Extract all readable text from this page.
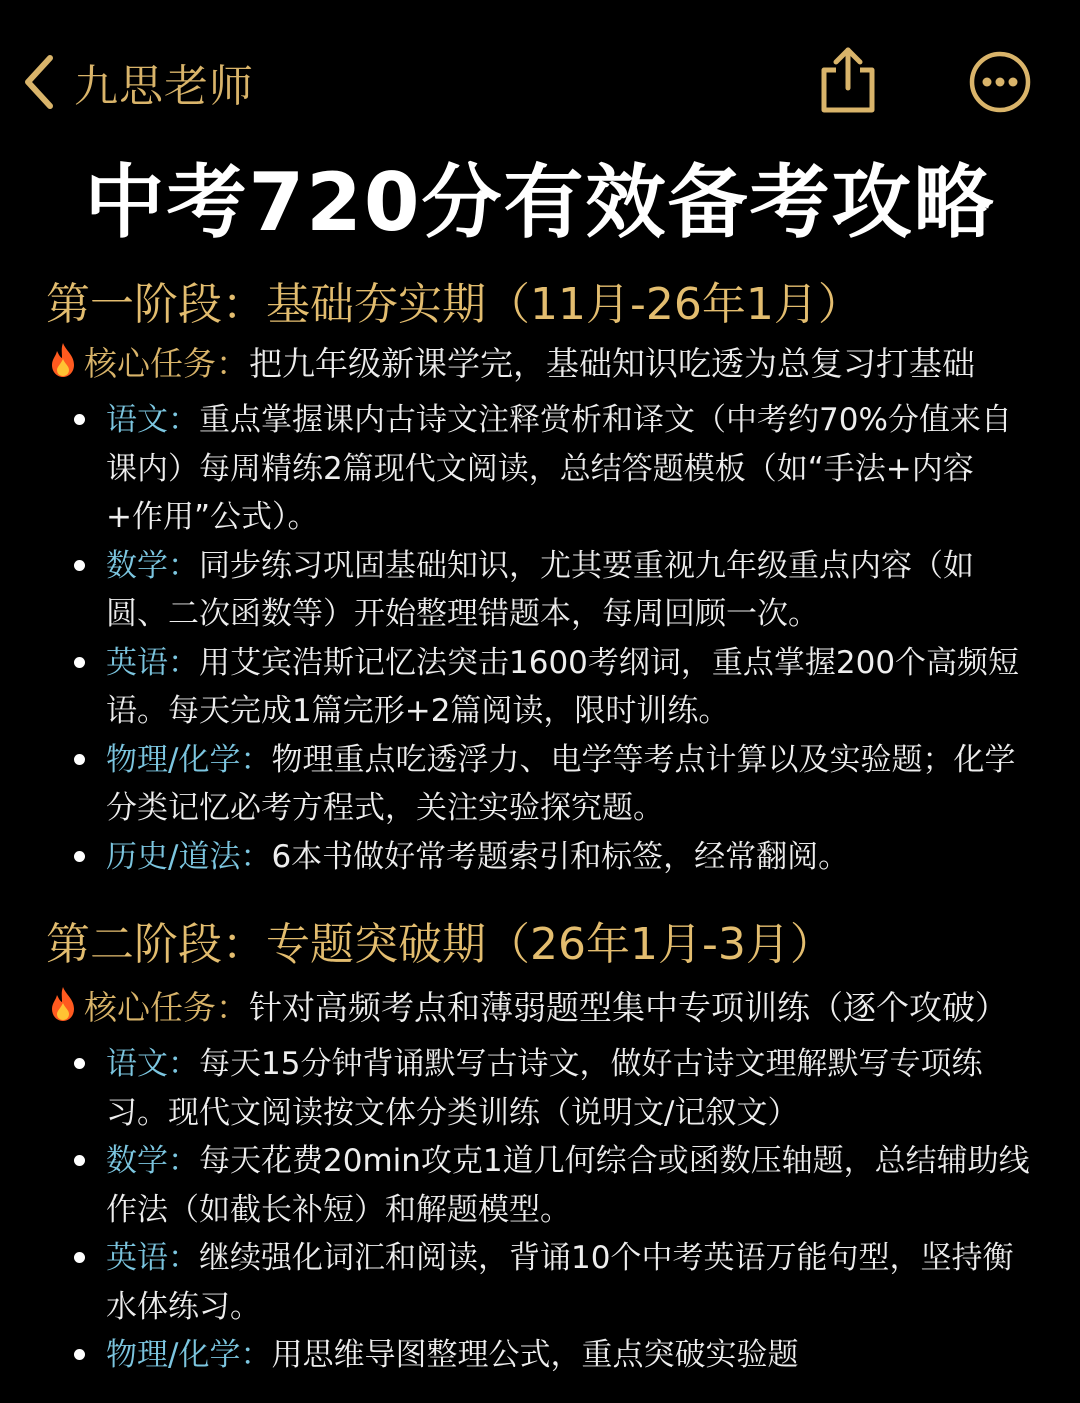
九思老师
中考720分有效备考攻略
第一阶段：基础夯实期（11月-26年1月）
核心任务：把九年级新课学完，基础知识吃透为总复习打基础
语文：重点掌握课内古诗文注释赏析和译文（中考约70%分值来自课内）每周精练2篇现代文阅读，总结答题模板（如“手法+内容+作用”公式）。
数学：同步练习巩固基础知识，尤其要重视九年级重点内容（如圆、二次函数等）开始整理错题本，每周回顾一次。
英语：用艾宾浩斯记忆法突击1600考纲词，重点掌握200个高频短语。每天完成1篇完形+2篇阅读，限时训练。
物理/化学：物理重点吃透浮力、电学等考点计算以及实验题；化学分类记忆必考方程式，关注实验探究题。
历史/道法：6本书做好常考题索引和标签，经常翻阅。
第二阶段：专题突破期（26年1月-3月）
核心任务：针对高频考点和薄弱题型集中专项训练（逐个攻破）
语文：每天15分钟背诵默写古诗文，做好古诗文理解默写专项练习。现代文阅读按文体分类训练（说明文/记叙文）
数学：每天花费20min攻克1道几何综合或函数压轴题，总结辅助线作法（如截长补短）和解题模型。
英语：继续强化词汇和阅读，背诵10个中考英语万能句型，坚持衡水体练习。
物理/化学：用思维导图整理公式，重点突破实验题
